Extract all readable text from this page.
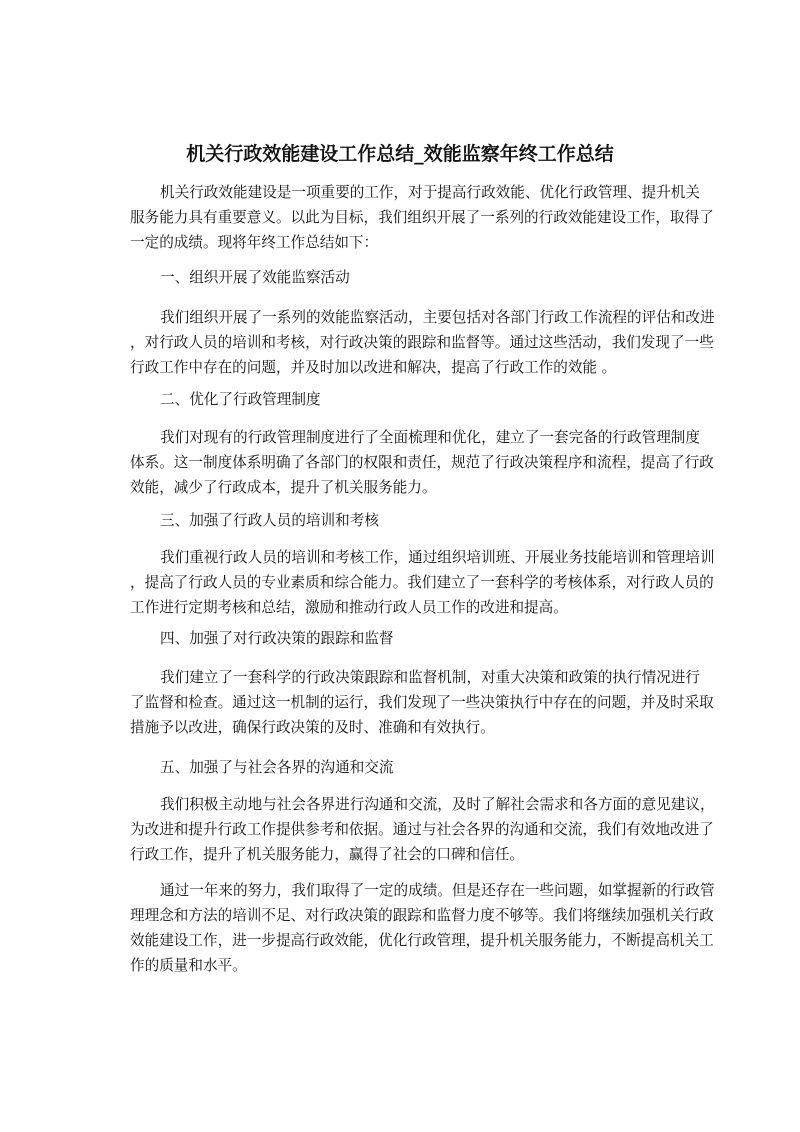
机关行政效能建设工作总结_效能监察年终工作总结
机关行政效能建设是一项重要的工作，对于提高行政效能、优化行政管理、提升机关
服务能力具有重要意义。以此为目标，我们组织开展了一系列的行政效能建设工作，取得了
一定的成绩。现将年终工作总结如下：
一、组织开展了效能监察活动
我们组织开展了一系列的效能监察活动，主要包括对各部门行政工作流程的评估和改进
，对行政人员的培训和考核，对行政决策的跟踪和监督等。通过这些活动，我们发现了一些
行政工作中存在的问题，并及时加以改进和解决，提高了行政工作的效能 。
二、优化了行政管理制度
我们对现有的行政管理制度进行了全面梳理和优化，建立了一套完备的行政管理制度
体系。这一制度体系明确了各部门的权限和责任，规范了行政决策程序和流程，提高了行政
效能，减少了行政成本，提升了机关服务能力。
三、加强了行政人员的培训和考核
我们重视行政人员的培训和考核工作，通过组织培训班、开展业务技能培训和管理培训
，提高了行政人员的专业素质和综合能力。我们建立了一套科学的考核体系，对行政人员的
工作进行定期考核和总结，激励和推动行政人员工作的改进和提高。
四、加强了对行政决策的跟踪和监督
我们建立了一套科学的行政决策跟踪和监督机制，对重大决策和政策的执行情况进行
了监督和检查。通过这一机制的运行，我们发现了一些决策执行中存在的问题，并及时采取
措施予以改进，确保行政决策的及时、准确和有效执行。
五、加强了与社会各界的沟通和交流
我们积极主动地与社会各界进行沟通和交流，及时了解社会需求和各方面的意见建议，
为改进和提升行政工作提供参考和依据。通过与社会各界的沟通和交流，我们有效地改进了
行政工作，提升了机关服务能力，赢得了社会的口碑和信任。
通过一年来的努力，我们取得了一定的成绩。但是还存在一些问题，如掌握新的行政管
理理念和方法的培训不足、对行政决策的跟踪和监督力度不够等。我们将继续加强机关行政
效能建设工作，进一步提高行政效能，优化行政管理，提升机关服务能力，不断提高机关工
作的质量和水平。
